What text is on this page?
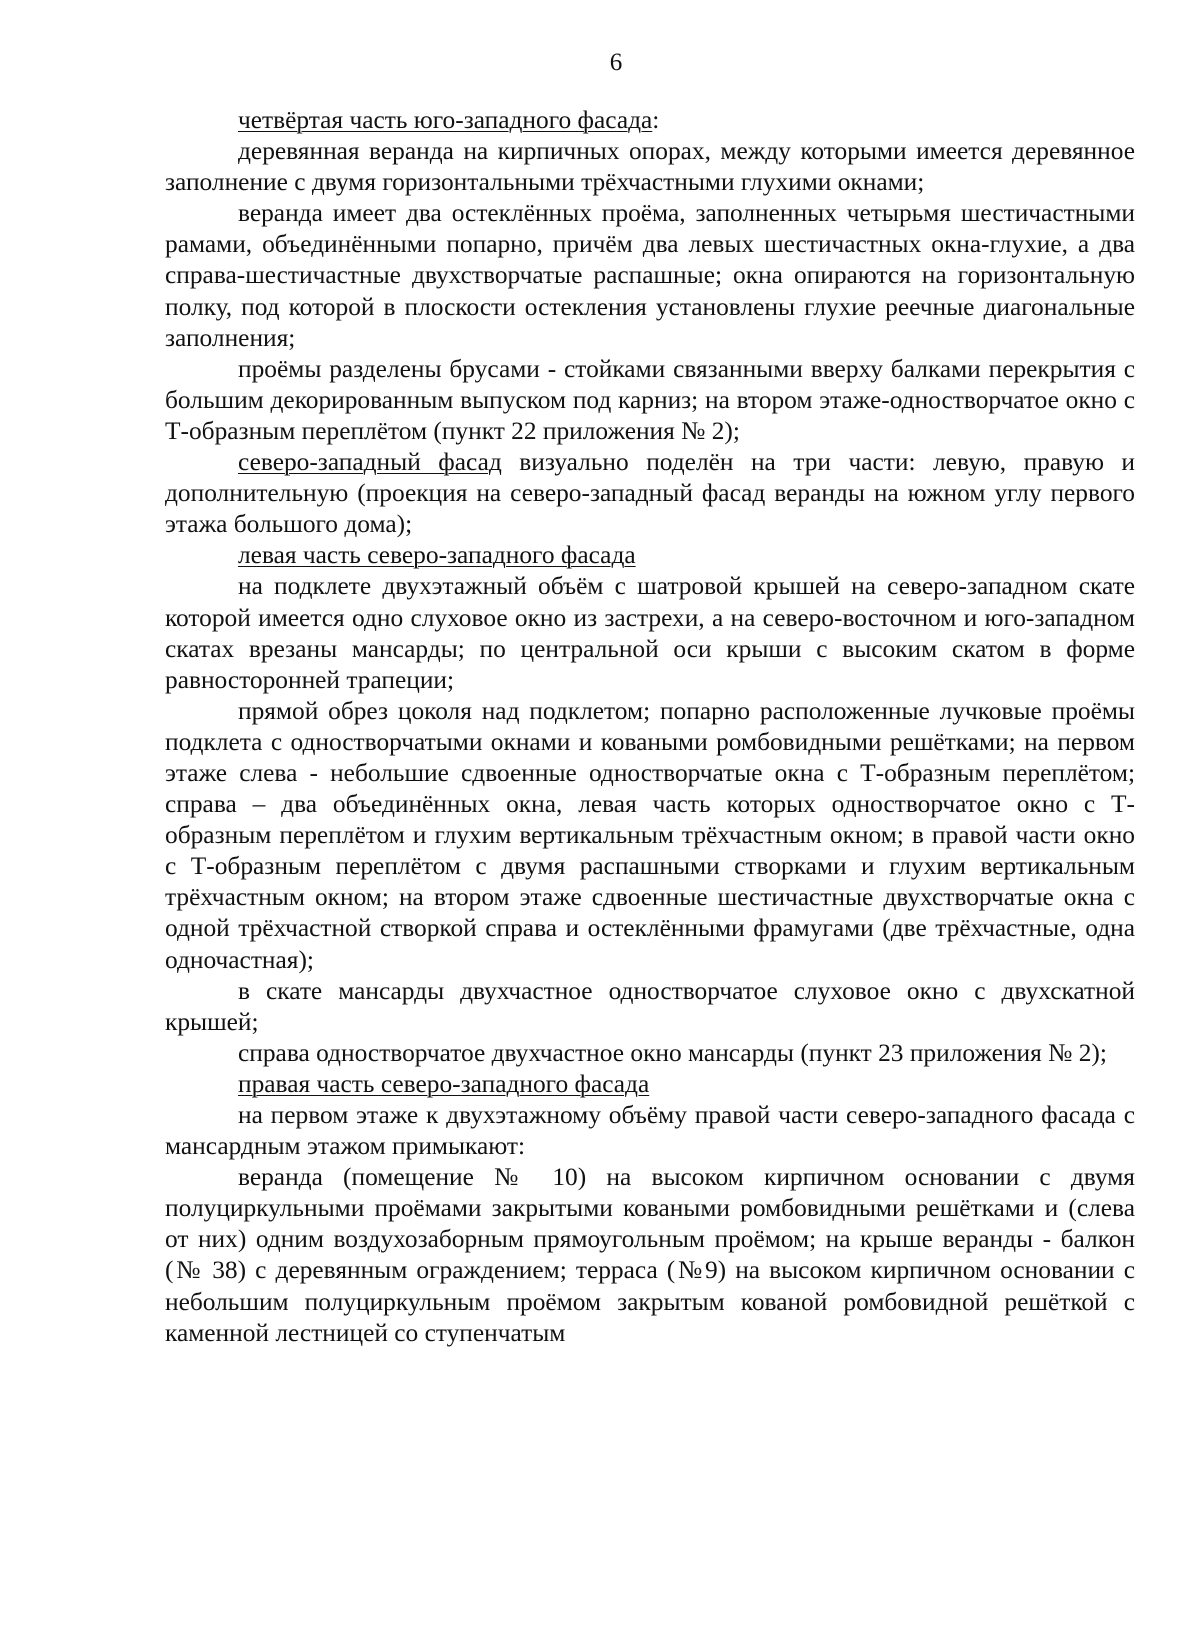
6

четвёртая часть юго-западного фасада:

деревянная веранда на кирпичных опорах, между которыми имеется деревянное заполнение с двумя горизонтальными трёхчастными глухими окнами;

веранда имеет два остеклённых проёма, заполненных четырьмя шестичастными рамами, объединёнными попарно, причём два левых шестичастных окна-глухие, а два справа-шестичастные двухстворчатые распашные; окна опираются на горизонтальную полку, под которой в плоскости остекления установлены глухие реечные диагональные заполнения;

проёмы разделены брусами - стойками связанными вверху балками перекрытия с большим декорированным выпуском под карниз; на втором этаже-одностворчатое окно с Т-образным переплётом (пункт 22 приложения № 2);

северо-западный фасад визуально поделён на три части: левую, правую и дополнительную (проекция на северо-западный фасад веранды на южном углу первого этажа большого дома);

левая часть северо-западного фасада

на подклете двухэтажный объём с шатровой крышей на северо-западном скате которой имеется одно слуховое окно из застрехи, а на северо-восточном и юго-западном скатах врезаны мансарды; по центральной оси крыши с высоким скатом в форме равносторонней трапеции;

прямой обрез цоколя над подклетом; попарно расположенные лучковые проёмы подклета с одностворчатыми окнами и коваными ромбовидными решётками; на первом этаже слева - небольшие сдвоенные одностворчатые окна с Т-образным переплётом; справа – два объединённых окна, левая часть которых одностворчатое окно с Т-образным переплётом и глухим вертикальным трёхчастным окном; в правой части окно с Т-образным переплётом с двумя распашными створками и глухим вертикальным трёхчастным окном; на втором этаже сдвоенные шестичастные двухстворчатые окна с одной трёхчастной створкой справа и остеклёнными фрамугами (две трёхчастные, одна одночастная);

в скате мансарды двухчастное одностворчатое слуховое окно с двухскатной крышей;

справа одностворчатое двухчастное окно мансарды (пункт 23 приложения № 2);

правая часть северо-западного фасада

на первом этаже к двухэтажному объёму правой части северо-западного фасада с мансардным этажом примыкают:

веранда (помещение № 10) на высоком кирпичном основании с двумя полуциркульными проёмами закрытыми коваными ромбовидными решётками и (слева от них) одним воздухозаборным прямоугольным проёмом; на крыше веранды - балкон (№ 38) с деревянным ограждением; терраса (№9) на высоком кирпичном основании с небольшим полуциркульным проёмом закрытым кованой ромбовидной решёткой с каменной лестницей со ступенчатым
